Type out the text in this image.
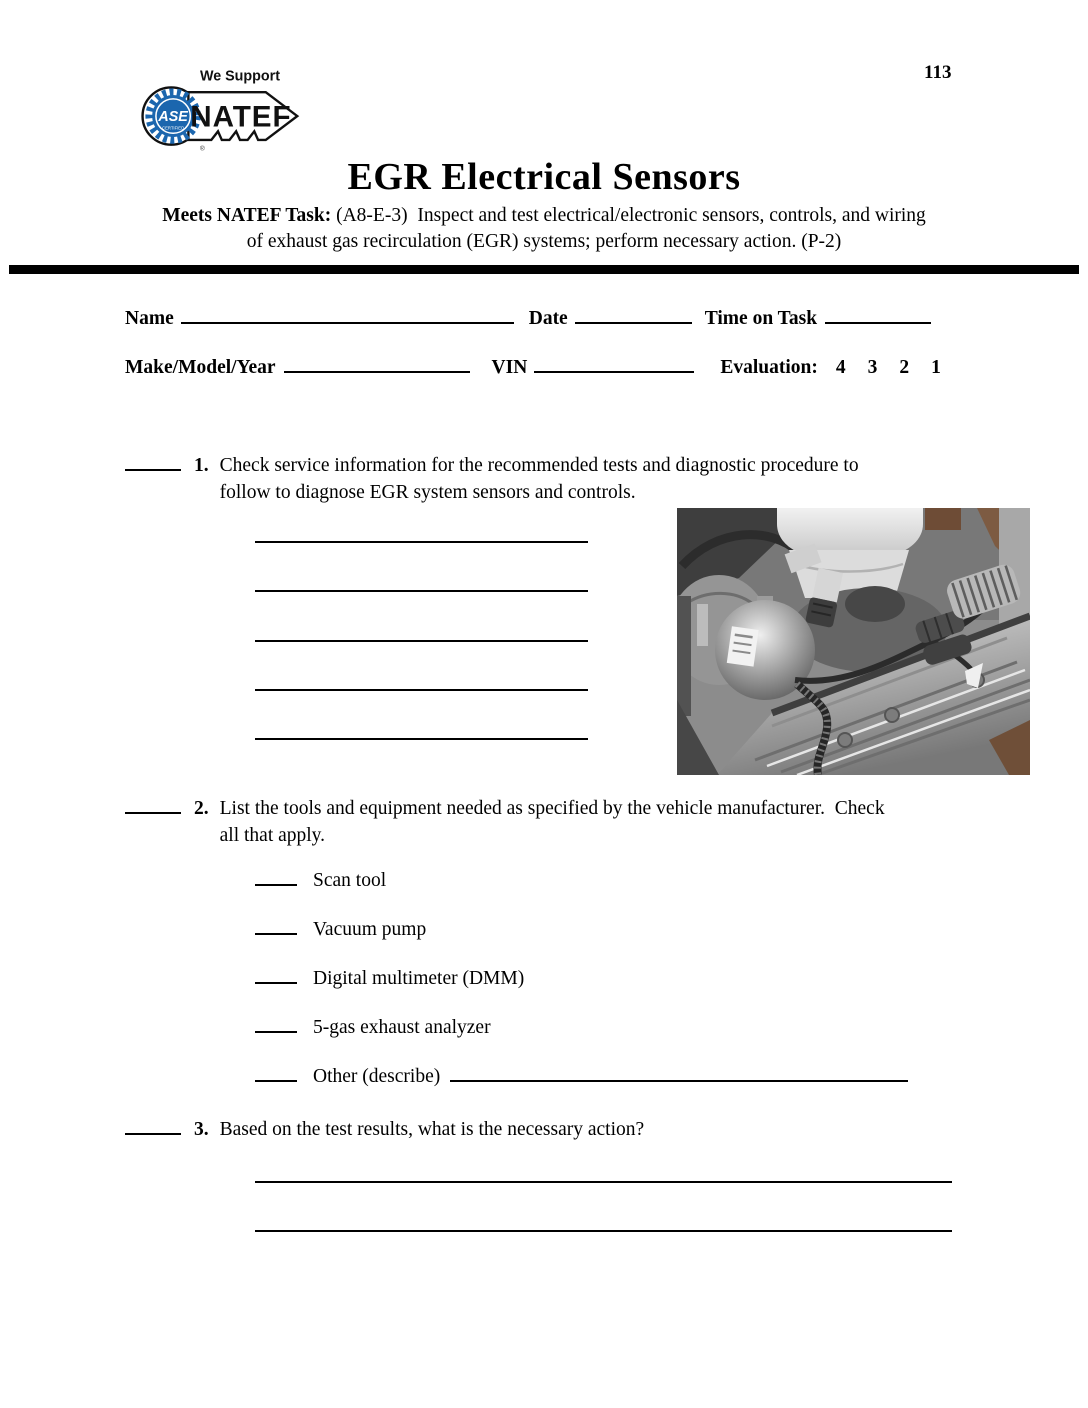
ASE
CERTIFIED
®
We Support
NATEF
113
EGR Electrical Sensors
Meets NATEF Task: (A8-E-3)  Inspect and test electrical/electronic sensors, controls, and wiring
of exhaust gas recirculation (EGR) systems; perform necessary action. (P-2)
Name	Date	Time on Task
Make/Model/Year	VIN	Evaluation: 4 3 2 1
1. Check service information for the recommended tests and diagnostic procedure to
follow to diagnose EGR system sensors and controls.
2. List the tools and equipment needed as specified by the vehicle manufacturer.  Check
all that apply.
Scan tool
Vacuum pump
Digital multimeter (DMM)
5-gas exhaust analyzer
Other (describe)
3. Based on the test results, what is the necessary action?
